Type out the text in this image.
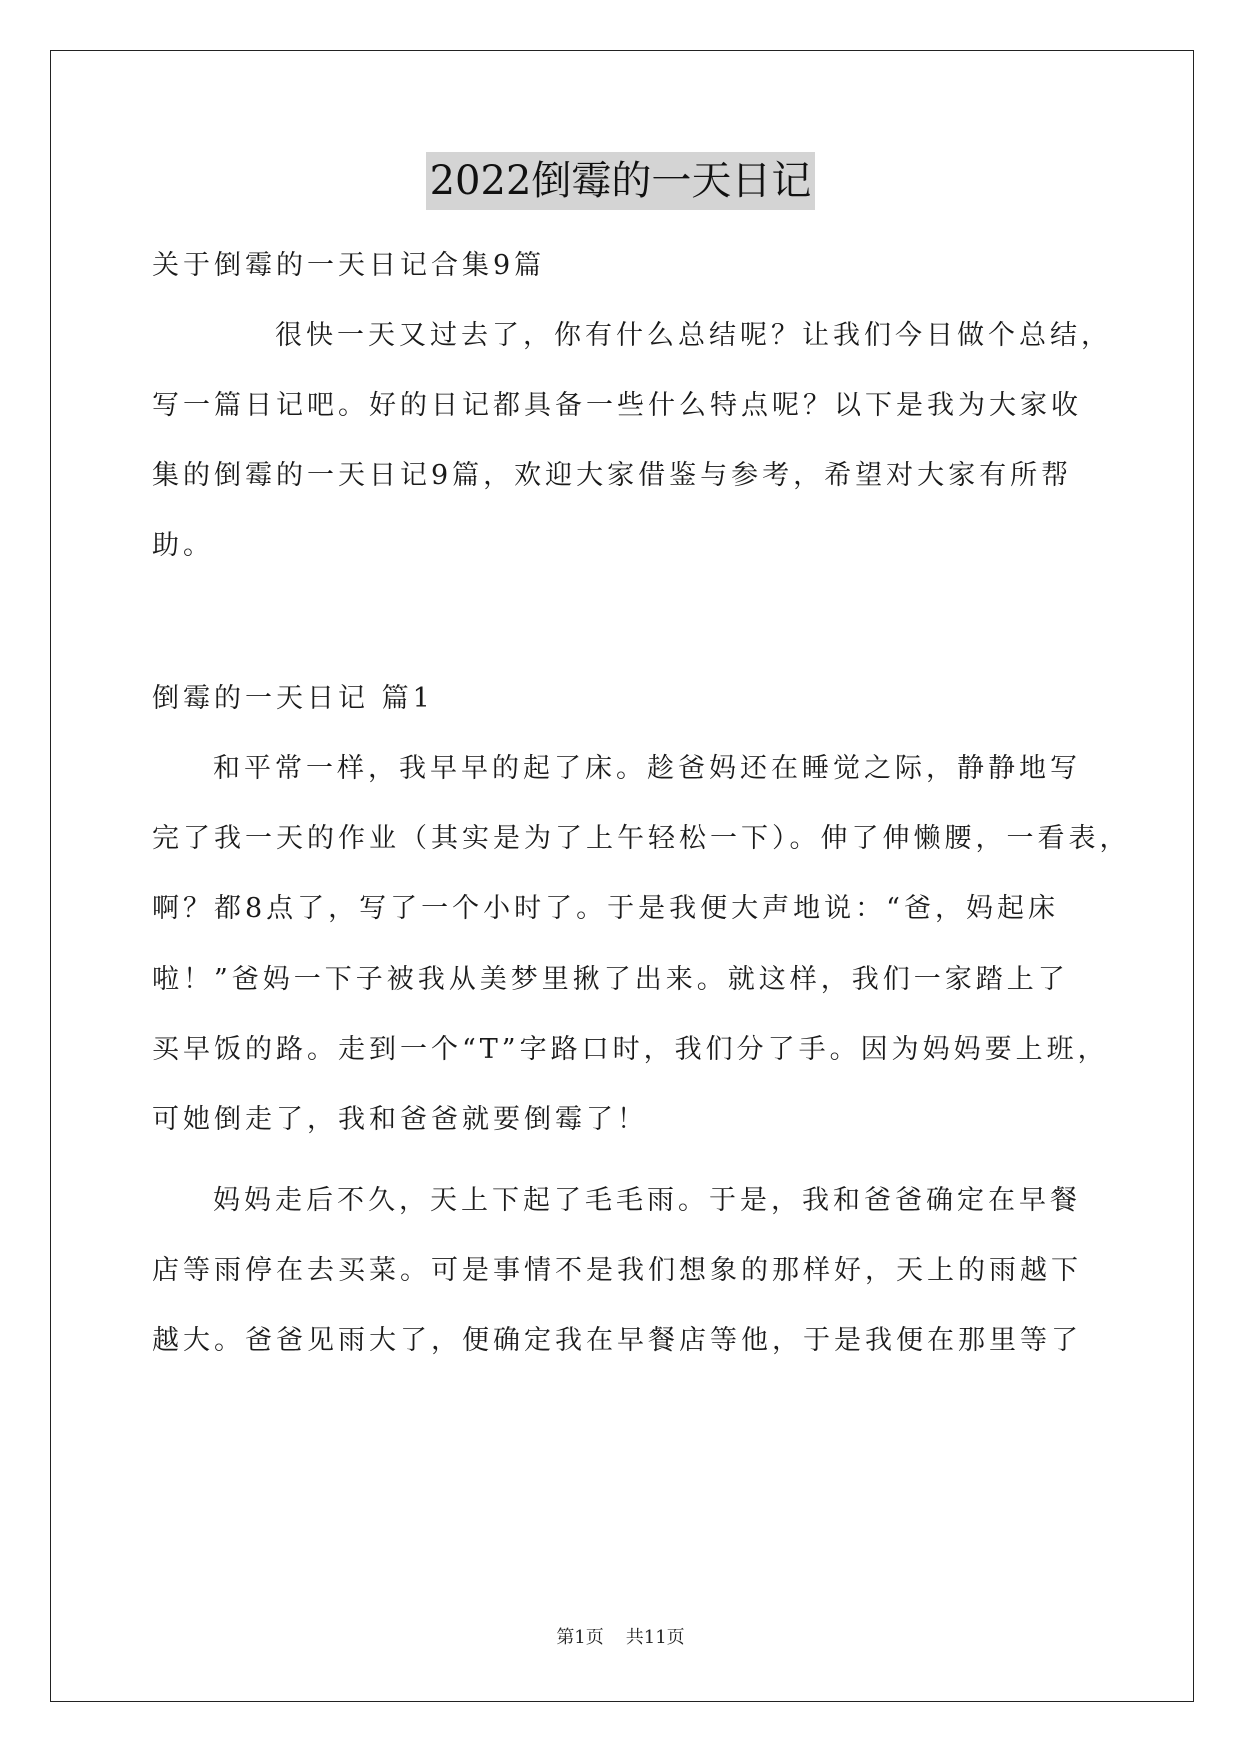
2022倒霉的一天日记
关于倒霉的一天日记合集9篇
很快一天又过去了，你有什么总结呢？让我们今日做个总结，
写一篇日记吧。好的日记都具备一些什么特点呢？以下是我为大家收
集的倒霉的一天日记9篇，欢迎大家借鉴与参考，希望对大家有所帮
助。
倒霉的一天日记 篇1
和平常一样，我早早的起了床。趁爸妈还在睡觉之际，静静地写
完了我一天的作业（其实是为了上午轻松一下）。伸了伸懒腰，一看表，
啊？都8点了，写了一个小时了。于是我便大声地说：“爸，妈起床
啦！”爸妈一下子被我从美梦里揪了出来。就这样，我们一家踏上了
买早饭的路。走到一个“T”字路口时，我们分了手。因为妈妈要上班，
可她倒走了，我和爸爸就要倒霉了！
妈妈走后不久，天上下起了毛毛雨。于是，我和爸爸确定在早餐
店等雨停在去买菜。可是事情不是我们想象的那样好，天上的雨越下
越大。爸爸见雨大了，便确定我在早餐店等他，于是我便在那里等了
第1页 共11页
